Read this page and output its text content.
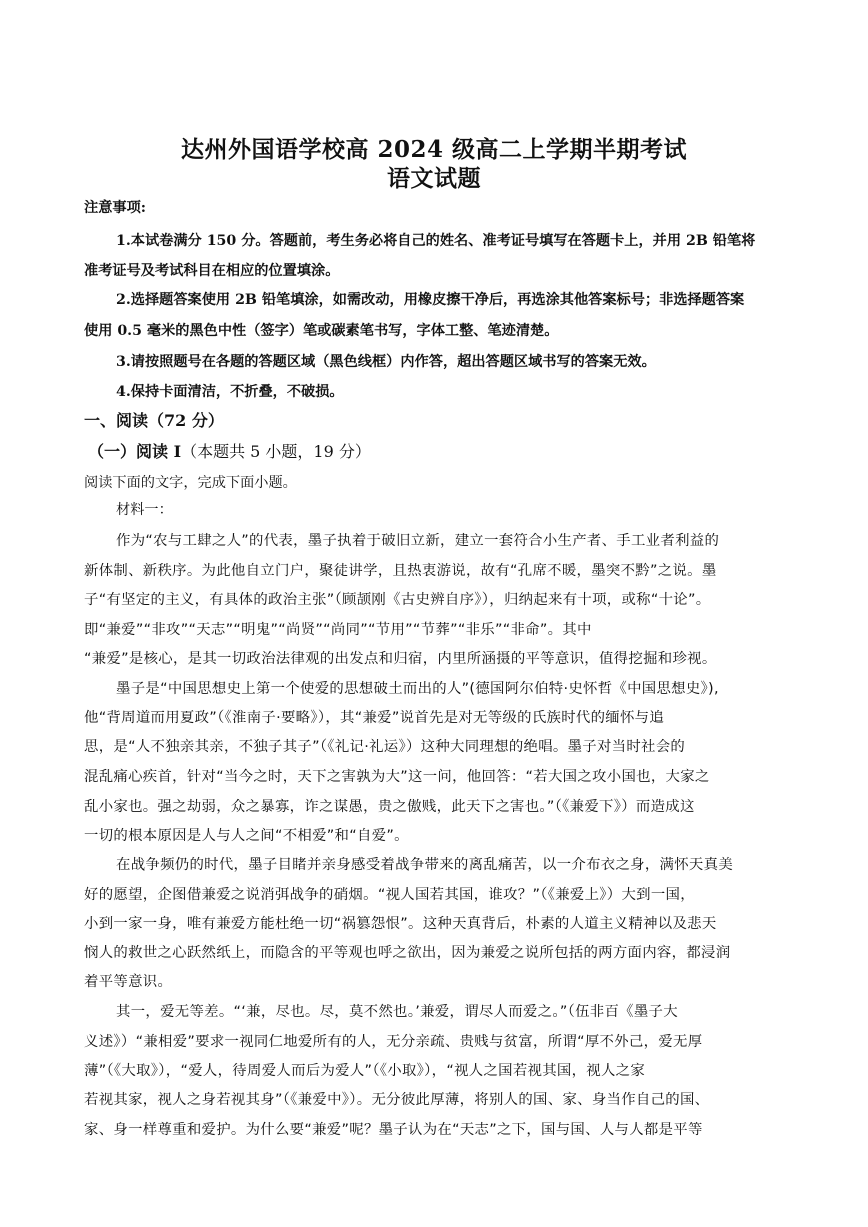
达州外国语学校高 2024 级高二上学期半期考试
语文试题
注意事项:
1.本试卷满分 150 分。答题前，考生务必将自己的姓名、准考证号填写在答题卡上，并用 2B 铅笔将
准考证号及考试科目在相应的位置填涂。
2.选择题答案使用 2B 铅笔填涂，如需改动，用橡皮擦干净后，再选涂其他答案标号；非选择题答案
使用 0.5 毫米的黑色中性（签字）笔或碳素笔书写，字体工整、笔迹清楚。
3.请按照题号在各题的答题区域（黑色线框）内作答，超出答题区域书写的答案无效。
4.保持卡面清洁，不折叠，不破损。
一、阅读（72 分）
（一）阅读 I（本题共 5 小题，19 分）
阅读下面的文字，完成下面小题。
材料一：
作为“农与工肆之人”的代表，墨子执着于破旧立新，建立一套符合小生产者、手工业者利益的
新体制、新秩序。为此他自立门户，聚徒讲学，且热衷游说，故有“孔席不暖，墨突不黔”之说。墨
子“有坚定的主义，有具体的政治主张”（顾颉刚《古史辨自序》），归纳起来有十项，或称“十论”。
即“兼爱”“非攻”“天志”“明鬼”“尚贤”“尚同”“节用”“节葬”“非乐”“非命”。其中
“兼爱”是核心，是其一切政治法律观的出发点和归宿，内里所涵摄的平等意识，值得挖掘和珍视。
墨子是“中国思想史上第一个使爱的思想破土而出的人”(德国阿尔伯特·史怀哲《中国思想史》),
他“背周道而用夏政”（《淮南子·要略》），其“兼爱”说首先是对无等级的氏族时代的缅怀与追
思，是“人不独亲其亲，不独子其子”（《礼记·礼运》）这种大同理想的绝唱。墨子对当时社会的
混乱痛心疾首，针对“当今之时，天下之害孰为大”这一问，他回答：“若大国之攻小国也，大家之
乱小家也。强之劫弱，众之暴寡，诈之谋愚，贵之傲贱，此天下之害也。”（《兼爱下》）而造成这
一切的根本原因是人与人之间“不相爱”和“自爱”。
在战争频仍的时代，墨子目睹并亲身感受着战争带来的离乱痛苦，以一介布衣之身，满怀天真美
好的愿望，企图借兼爱之说消弭战争的硝烟。“视人国若其国，谁攻？”（《兼爱上》）大到一国，
小到一家一身，唯有兼爱方能杜绝一切“祸篡怨恨”。这种天真背后，朴素的人道主义精神以及悲天
悯人的救世之心跃然纸上，而隐含的平等观也呼之欲出，因为兼爱之说所包括的两方面内容，都浸润
着平等意识。
其一，爱无等差。“‘兼，尽也。尽，莫不然也。’兼爱，谓尽人而爱之。”（伍非百《墨子大
义述》）“兼相爱”要求一视同仁地爱所有的人，无分亲疏、贵贱与贫富，所谓“厚不外己，爱无厚
薄”（《大取》），“爱人，待周爱人而后为爱人”（《小取》），“视人之国若视其国，视人之家
若视其家，视人之身若视其身”（《兼爱中》）。无分彼此厚薄，将别人的国、家、身当作自己的国、
家、身一样尊重和爱护。为什么要“兼爱”呢？墨子认为在“天志”之下，国与国、人与人都是平等
